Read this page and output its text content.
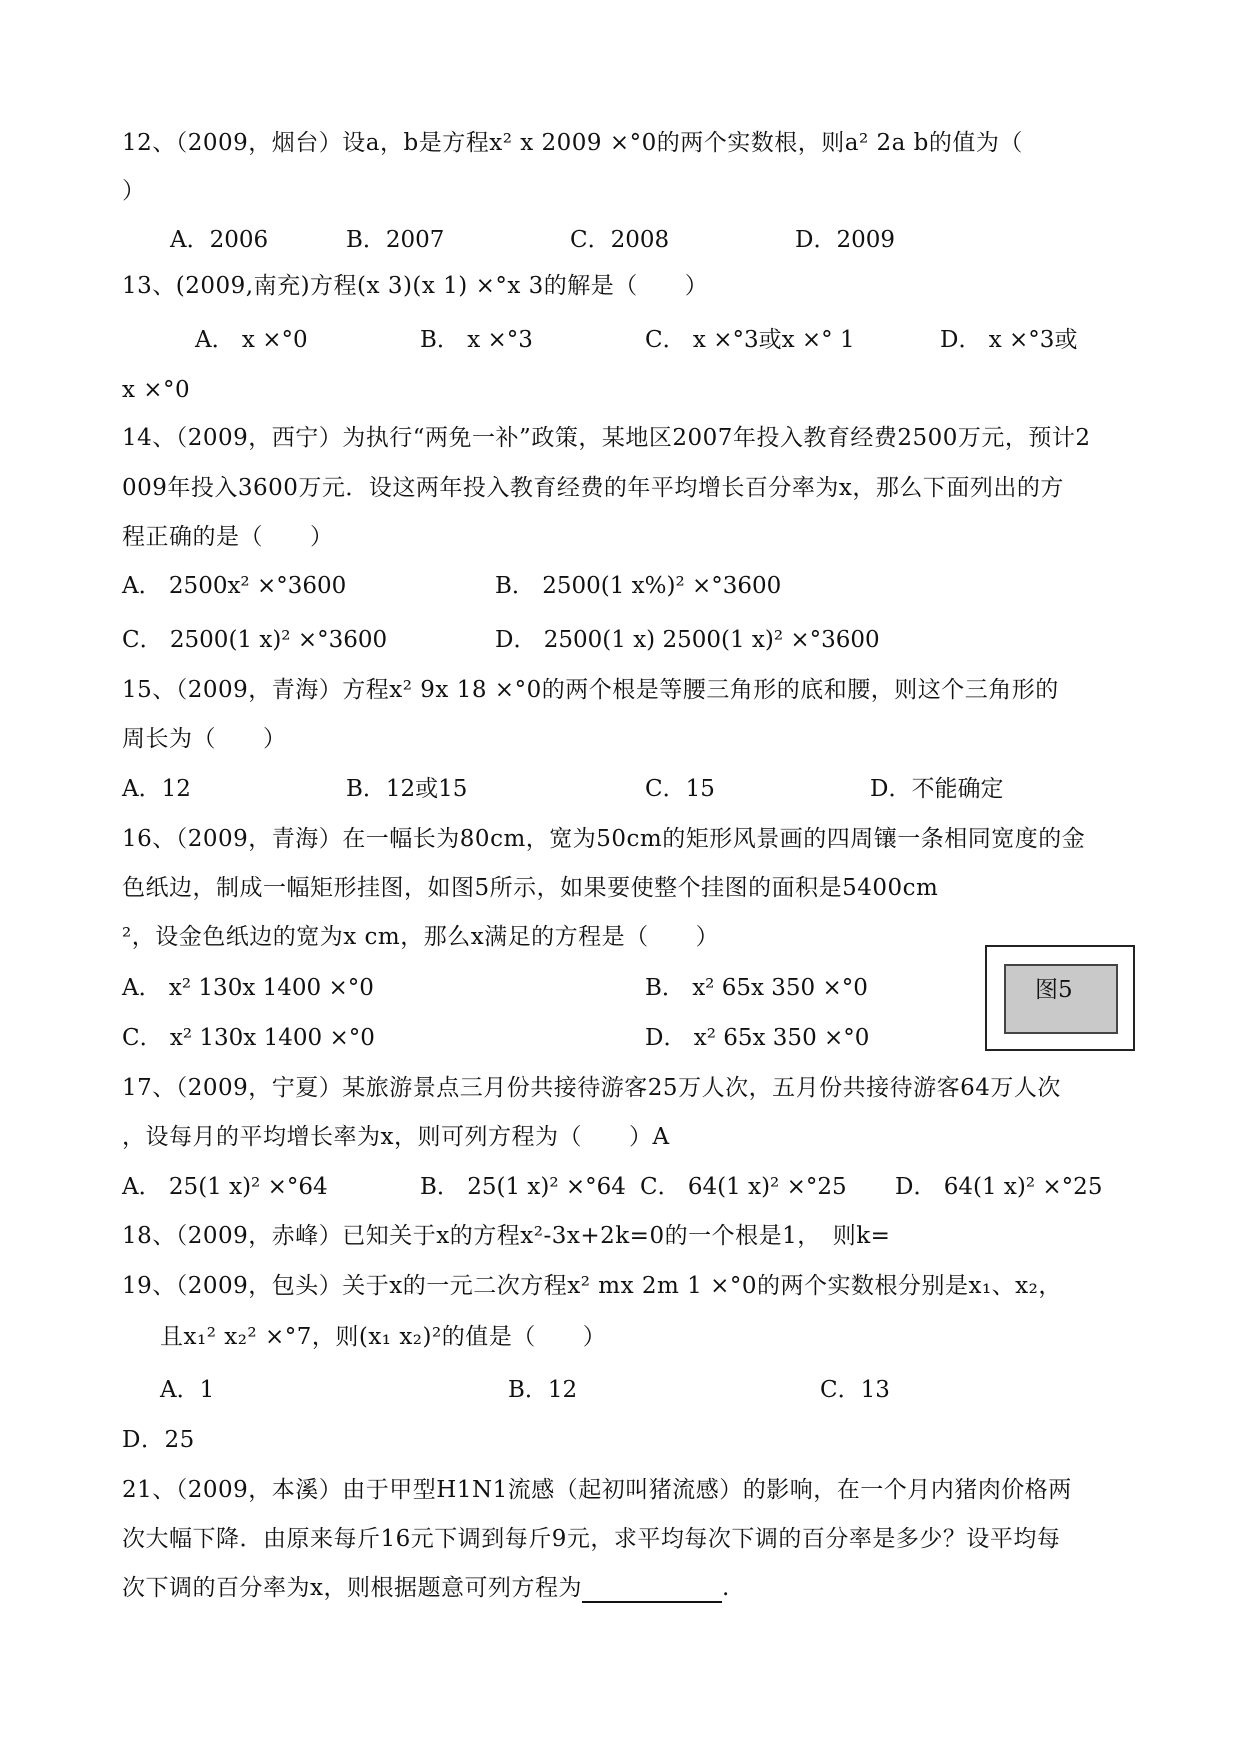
12、（2009，烟台）设a，b是方程x² x 2009 ×°0的两个实数根，则a² 2a b的值为（
）
A．2006	B．2007	C．2008	D．2009
13、(2009,南充)方程(x 3)(x 1) ×°x 3的解是（　　）
A． x ×°0	B． x ×°3	C． x ×°3或x ×° 1	D． x ×°3或
x ×°0
14、（2009，西宁）为执行“两免一补”政策，某地区2007年投入教育经费2500万元，预计2
009年投入3600万元．设这两年投入教育经费的年平均增长百分率为x，那么下面列出的方
程正确的是（　　）
A． 2500x² ×°3600	B． 2500(1 x%)² ×°3600
C． 2500(1 x)² ×°3600	D． 2500(1 x) 2500(1 x)² ×°3600
15、（2009，青海）方程x² 9x 18 ×°0的两个根是等腰三角形的底和腰，则这个三角形的
周长为（　　）
A．12	B．12或15	C．15	D．不能确定
16、（2009，青海）在一幅长为80cm，宽为50cm的矩形风景画的四周镶一条相同宽度的金
色纸边，制成一幅矩形挂图，如图5所示，如果要使整个挂图的面积是5400cm
²，设金色纸边的宽为x cm，那么x满足的方程是（　　）
图5
A． x² 130x 1400 ×°0	B． x² 65x 350 ×°0
C． x² 130x 1400 ×°0	D． x² 65x 350 ×°0
17、（2009，宁夏）某旅游景点三月份共接待游客25万人次，五月份共接待游客64万人次
，设每月的平均增长率为x，则可列方程为（　　）A
A． 25(1 x)² ×°64	B． 25(1 x)² ×°64 C． 64(1 x)² ×°25 D． 64(1 x)² ×°25
18、（2009，赤峰）已知关于x的方程x²-3x+2k=0的一个根是1，　则k=
19、（2009，包头）关于x的一元二次方程x² mx 2m 1 ×°0的两个实数根分别是x₁、x₂，
且x₁² x₂² ×°7，则(x₁ x₂)²的值是（　　）
A．1	B．12	C．13
D．25
21、（2009，本溪）由于甲型H1N1流感（起初叫猪流感）的影响，在一个月内猪肉价格两
次大幅下降．由原来每斤16元下调到每斤9元，求平均每次下调的百分率是多少？设平均每
次下调的百分率为x，则根据题意可列方程为	.
